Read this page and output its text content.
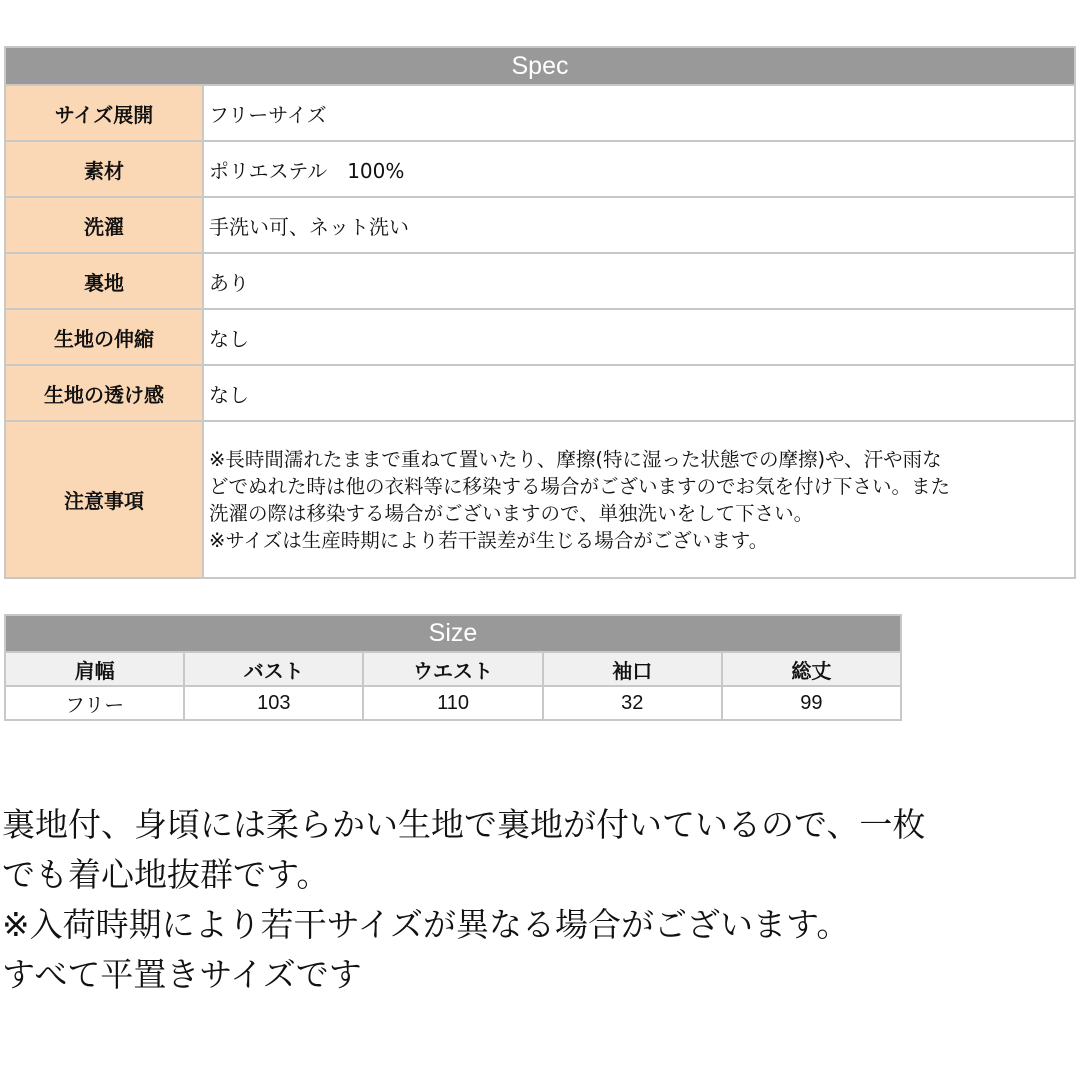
Spec
サイズ展開	フリーサイズ
素材	ポリエステル　100%
洗濯	手洗い可、ネット洗い
裏地	あり
生地の伸縮	なし
生地の透け感	なし
注意事項
※長時間濡れたままで重ねて置いたり、摩擦(特に湿った状態での摩擦)や、汗や雨な
どでぬれた時は他の衣料等に移染する場合がございますのでお気を付け下さい。また
洗濯の際は移染する場合がございますので、単独洗いをして下さい。
※サイズは生産時期により若干誤差が生じる場合がございます。
Size
肩幅	バスト	ウエスト	袖口	総丈
フリー	103	110	32	99
裏地付、身頃には柔らかい生地で裏地が付いているので、一枚
でも着心地抜群です。
※入荷時期により若干サイズが異なる場合がございます。
すべて平置きサイズです
